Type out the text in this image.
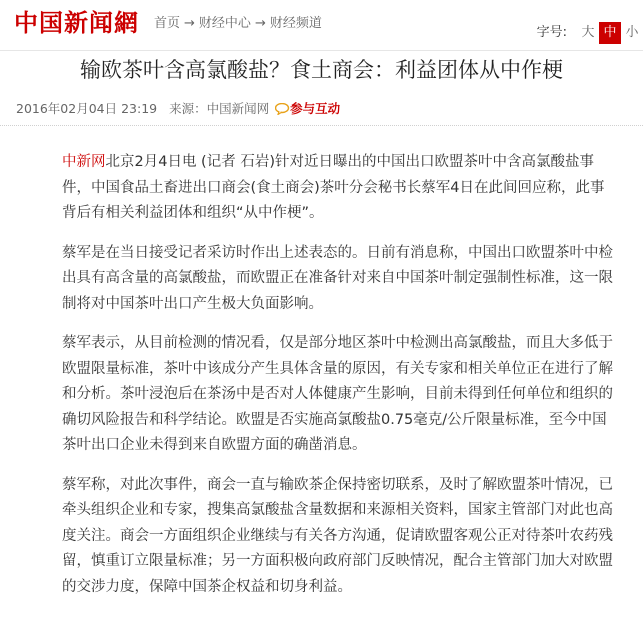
中国新闻網 首页 → 财经中心 → 财经频道
字号: 大 中 小
输欧茶叶含高氯酸盐？食土商会：利益团体从中作梗
2016年02月04日 23:19 来源：中国新闻网 参与互动

中新网北京2月4日电 (记者 石岩)针对近日曝出的中国出口欧盟茶叶中含高氯酸盐事件，中国食品土畜进出口商会(食土商会)茶叶分会秘书长蔡军4日在此间回应称，此事背后有相关利益团体和组织“从中作梗”。

蔡军是在当日接受记者采访时作出上述表态的。日前有消息称，中国出口欧盟茶叶中检出具有高含量的高氯酸盐，而欧盟正在准备针对来自中国茶叶制定强制性标准，这一限制将对中国茶叶出口产生极大负面影响。

蔡军表示，从目前检测的情况看，仅是部分地区茶叶中检测出高氯酸盐，而且大多低于欧盟限量标准，茶叶中该成分产生具体含量的原因，有关专家和相关单位正在进行了解和分析。茶叶浸泡后在茶汤中是否对人体健康产生影响，目前未得到任何单位和组织的确切风险报告和科学结论。欧盟是否实施高氯酸盐0.75毫克/公斤限量标准，至今中国茶叶出口企业未得到来自欧盟方面的确凿消息。

蔡军称，对此次事件，商会一直与输欧茶企保持密切联系，及时了解欧盟茶叶情况，已牵头组织企业和专家，搜集高氯酸盐含量数据和来源相关资料，国家主管部门对此也高度关注。商会一方面组织企业继续与有关各方沟通，促请欧盟客观公正对待茶叶农药残留，慎重订立限量标准；另一方面积极向政府部门反映情况，配合主管部门加大对欧盟的交涉力度，保障中国茶企权益和切身利益。
